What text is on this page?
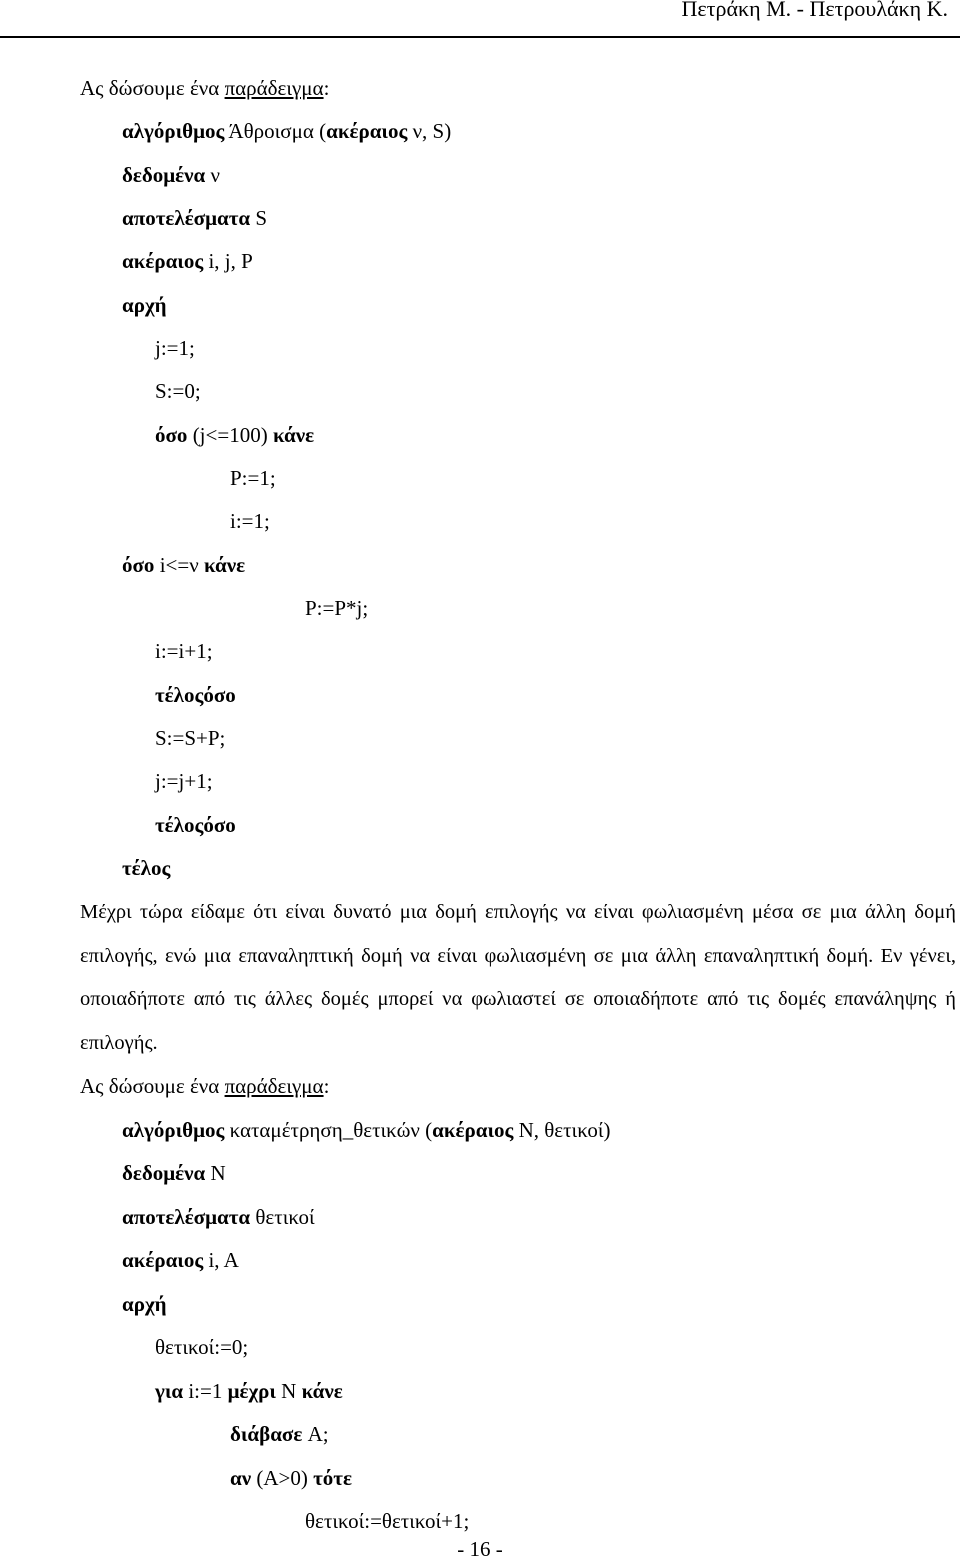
Πετράκη Μ. - Πετρουλάκη Κ.
Ας δώσουμε ένα παράδειγμα:
αλγόριθμος Άθροισμα (ακέραιος ν, S)
δεδομένα ν
αποτελέσματα S
ακέραιος i, j, P
αρχή
j:=1;
S:=0;
όσο (j<=100) κάνε
P:=1;
i:=1;
όσο i<=ν κάνε
P:=P*j;
i:=i+1;
τέλοςόσο
S:=S+P;
j:=j+1;
τέλοςόσο
τέλος
Μέχρι τώρα είδαμε ότι είναι δυνατό μια δομή επιλογής να είναι φωλιασμένη μέσα σε μια άλλη δομή επιλογής, ενώ μια επαναληπτική δομή να είναι φωλιασμένη σε μια άλλη επαναληπτική δομή. Εν γένει, οποιαδήποτε από τις άλλες δομές μπορεί να φωλιαστεί σε οποιαδήποτε από τις δομές επανάληψης ή επιλογής.
Ας δώσουμε ένα παράδειγμα:
αλγόριθμος καταμέτρηση_θετικών (ακέραιος Ν, θετικοί)
δεδομένα Ν
αποτελέσματα θετικοί
ακέραιος i, A
αρχή
θετικοί:=0;
για i:=1 μέχρι Ν κάνε
διάβασε A;
αν (A>0) τότε
θετικοί:=θετικοί+1;
- 16 -
